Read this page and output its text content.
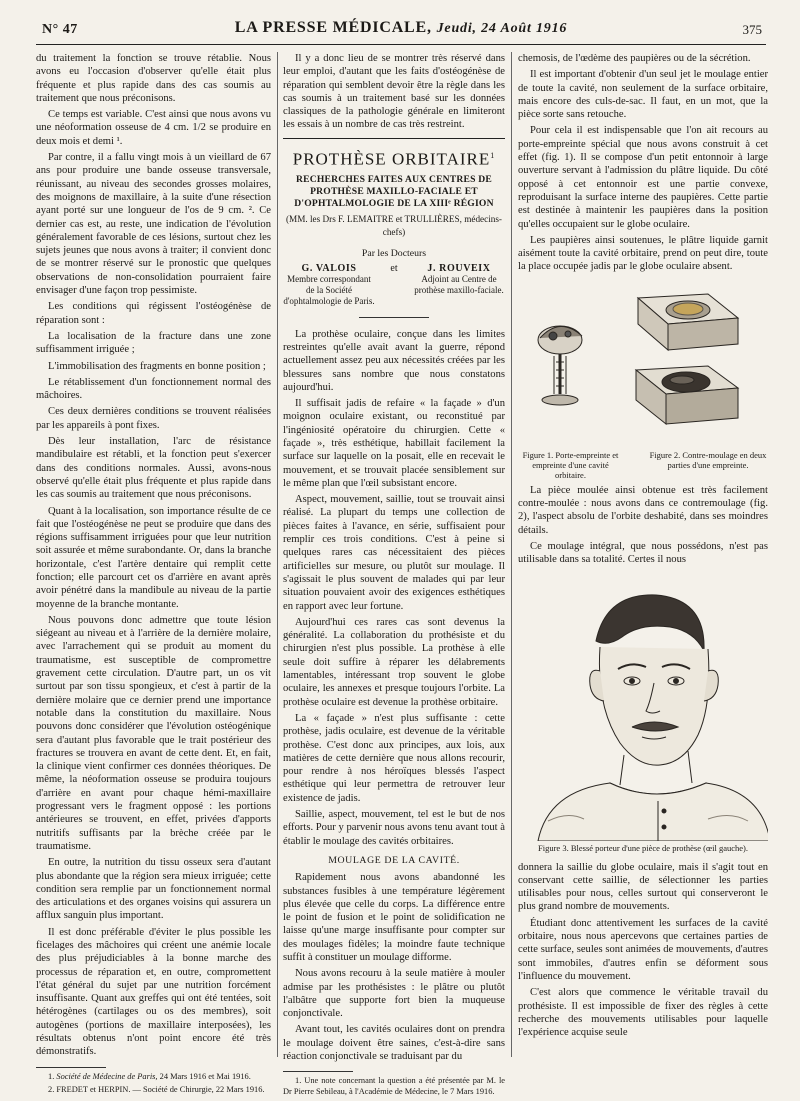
N° 47	LA PRESSE MÉDICALE, Jeudi, 24 Août 1916	375

du traitement la fonction se trouve rétablie. Nous avons eu l'occasion d'observer qu'elle était plus fréquente et plus rapide dans des cas soumis au traitement que nous préconisons.

Ce temps est variable. C'est ainsi que nous avons vu une néoformation osseuse de 4 cm. 1/2 se produire en deux mois et demi ¹.

Par contre, il a fallu vingt mois à un vieillard de 67 ans pour produire une bande osseuse transversale, réunissant, au niveau des secondes grosses molaires, des moignons de maxillaire, à la suite d'une résection ayant porté sur une longueur de l'os de 9 cm. ². Ce dernier cas est, au reste, une indication de l'évolution généralement favorable de ces lésions, surtout chez les sujets jeunes que nous avons à traiter; il convient donc de se montrer réservé sur le pronostic que quelques observations de non-consolidation pourraient faire envisager d'une façon trop pessimiste.

Les conditions qui régissent l'ostéogénèse de réparation sont :

La localisation de la fracture dans une zone suffisamment irriguée ;

L'immobilisation des fragments en bonne position ;

Le rétablissement d'un fonctionnement normal des mâchoires.

Ces deux dernières conditions se trouvent réalisées par les appareils à pont fixes.

Dès leur installation, l'arc de résistance mandibulaire est rétabli, et la fonction peut s'exercer dans des conditions normales. Aussi, avons-nous observé qu'elle était plus fréquente et plus rapide dans les cas soumis au traitement que nous préconisons.

Quant à la localisation, son importance résulte de ce fait que l'ostéogénèse ne peut se produire que dans des régions suffisamment irriguées pour que leur nutrition soit assurée et même surabondante. Or, dans la branche horizontale, c'est l'artère dentaire qui remplit cette fonction; elle parcourt cet os d'arrière en avant après avoir pénétré dans la mandibule au niveau de la partie moyenne de la branche montante.

Nous pouvons donc admettre que toute lésion siégeant au niveau et à l'arrière de la dernière molaire, avec l'arrachement qui se produit au moment du traumatisme, est susceptible de compromettre gravement cette circulation. D'autre part, un os vit surtout par son tissu spongieux, et c'est à partir de la dernière molaire que ce dernier prend une importance notable dans la constitution du maxillaire. Nous pouvons donc considérer que l'évolution ostéogénique sera d'autant plus favorable que le trait postérieur des fractures se trouvera en avant de cette dent. Et, en fait, la clinique vient confirmer ces données théoriques. De même, la néoformation osseuse se produira toujours d'arrière en avant pour chaque hémi-maxillaire progressant vers le fragment opposé : les portions antérieures se trouvent, en effet, privées d'apports nutritifs suffisants par la brèche créée par le traumatisme.

En outre, la nutrition du tissu osseux sera d'autant plus abondante que la région sera mieux irriguée; cette condition sera remplie par un fonctionnement normal des articulations et des organes voisins qui assurera un afflux sanguin plus important.

Il est donc préférable d'éviter le plus possible les ficelages des mâchoires qui créent une anémie locale des plus préjudiciables à la bonne marche des processus de réparation et, en outre, compromettent l'état général du sujet par une nutrition forcément insuffisante. Quant aux greffes qui ont été tentées, soit hétérogènes (cartilages ou os des membres), soit autogènes (portions de maxillaire interposées), les résultats obtenus n'ont point encore été très démonstratifs.

1. Société de Médecine de Paris, 24 Mars 1916 et Mai 1916.

2. FREDET et HERPIN. — Société de Chirurgie, 22 Mars 1916.

Il y a donc lieu de se montrer très réservé dans leur emploi, d'autant que les faits d'ostéogénèse de réparation qui semblent devoir être la règle dans les cas soumis à un traitement basé sur les données classiques de la pathologie générale en limiteront les essais à un nombre de cas très restreint.

PROTHÈSE ORBITAIRE$^1$
RECHERCHES FAITES AUX CENTRES DE PROTHÈSE MAXILLO-FACIALE ET D'OPHTALMOLOGIE DE LA XIIIᵉ RÉGION
(MM. les Drs F. LEMAITRE et TRULLIÈRES, médecins-chefs)
Par les Docteurs
G. VALOIS
Membre correspondant de la Société d'ophtalmologie de Paris.
et	J. ROUVEIX
Adjoint au Centre de prothèse maxillo-faciale.

La prothèse oculaire, conçue dans les limites restreintes qu'elle avait avant la guerre, répond actuellement assez peu aux nécessités créées par les blessures sans nombre que nous constatons aujourd'hui.

Il suffisait jadis de refaire « la façade » d'un moignon oculaire existant, ou reconstitué par l'ingéniosité opératoire du chirurgien. Cette « façade », très esthétique, habillait facilement la surface sur laquelle on la posait, elle en recevait le mouvement, et se trouvait placée sensiblement sur le même plan que l'œil subsistant encore.

Aspect, mouvement, saillie, tout se trouvait ainsi réalisé. La plupart du temps une collection de pièces faites à l'avance, en série, suffisaient pour remplir ces trois conditions. C'est à peine si quelques rares cas nécessitaient des pièces artificielles sur mesure, ou plutôt sur moulage. Il s'agissait le plus souvent de malades qui par leur situation pouvaient avoir des exigences esthétiques en rapport avec leur fortune.

Aujourd'hui ces rares cas sont devenus la généralité. La collaboration du prothésiste et du chirurgien n'est plus possible. La prothèse à elle seule doit suffire à réparer les délabrements lamentables, intéressant trop souvent le globe oculaire, les annexes et presque toujours l'orbite. La prothèse oculaire est devenue la prothèse orbitaire.

La « façade » n'est plus suffisante : cette prothèse, jadis oculaire, est devenue de la véritable prothèse. C'est donc aux principes, aux lois, aux matières de cette dernière que nous allons recourir, pour rendre à nos héroïques blessés l'aspect esthétique qui leur permettra de retrouver leur existence de jadis.

Saillie, aspect, mouvement, tel est le but de nos efforts. Pour y parvenir nous avons tenu avant tout à établir le moulage des cavités orbitaires.

MOULAGE DE LA CAVITÉ.

Rapidement nous avons abandonné les substances fusibles à une température légèrement plus élevée que celle du corps. La différence entre le point de fusion et le point de solidification ne laisse qu'une marge insuffisante pour compter sur des moulages fidèles; la moindre faute technique suffit à constituer un moulage difforme.

Nous avons recouru à la seule matière à mouler admise par les prothésistes : le plâtre ou plutôt l'albâtre que supporte fort bien la muqueuse conjonctivale.

Avant tout, les cavités oculaires dont on prendra le moulage doivent être saines, c'est-à-dire sans réaction conjonctivale se traduisant par du

1. Une note concernant la question a été présentée par M. le Dr Pierre Sebileau, à l'Académie de Médecine, le 7 Mars 1916.

chemosis, de l'œdème des paupières ou de la sécrétion.

Il est important d'obtenir d'un seul jet le moulage entier de toute la cavité, non seulement de la surface orbitaire, mais encore des culs-de-sac. Il faut, en un mot, que la pièce sorte sans retouche.

Pour cela il est indispensable que l'on ait recours au porte-empreinte spécial que nous avons construit à cet effet (fig. 1). Il se compose d'un petit entonnoir à large ouverture servant à l'admission du plâtre liquide. Du côté opposé à cet entonnoir est une partie convexe, reproduisant la surface interne des paupières. Cette partie est destinée à maintenir les paupières dans la position qu'elles occupaient sur le globe oculaire.

Les paupières ainsi soutenues, le plâtre liquide garnit aisément toute la cavité orbitaire, prend on peut dire, toute la place occupée jadis par le globe oculaire absent.

Figure 1. Porte-empreinte et empreinte d'une cavité orbitaire.
Figure 2. Contre-moulage en deux parties d'une empreinte.

La pièce moulée ainsi obtenue est très facilement contre-moulée : nous avons dans ce contremoulage (fig. 2), l'aspect absolu de l'orbite deshabité, dans ses moindres détails.

Ce moulage intégral, que nous possédons, n'est pas utilisable dans sa totalité. Certes il nous

Figure 3. Blessé porteur d'une pièce de prothèse (œil gauche).

donnera la saillie du globe oculaire, mais il s'agit tout en conservant cette saillie, de sélectionner les parties utilisables pour nous, celles surtout qui conserveront le plus grand nombre de mouvements.

Étudiant donc attentivement les surfaces de la cavité orbitaire, nous nous apercevons que certaines parties de cette surface, seules sont animées de mouvements, d'autres sont immobiles, d'autres enfin se déforment sous l'influence du mouvement.

C'est alors que commence le véritable travail du prothésiste. Il est impossible de fixer des règles à cette recherche des mouvements utilisables pour laquelle l'expérience acquise seule
